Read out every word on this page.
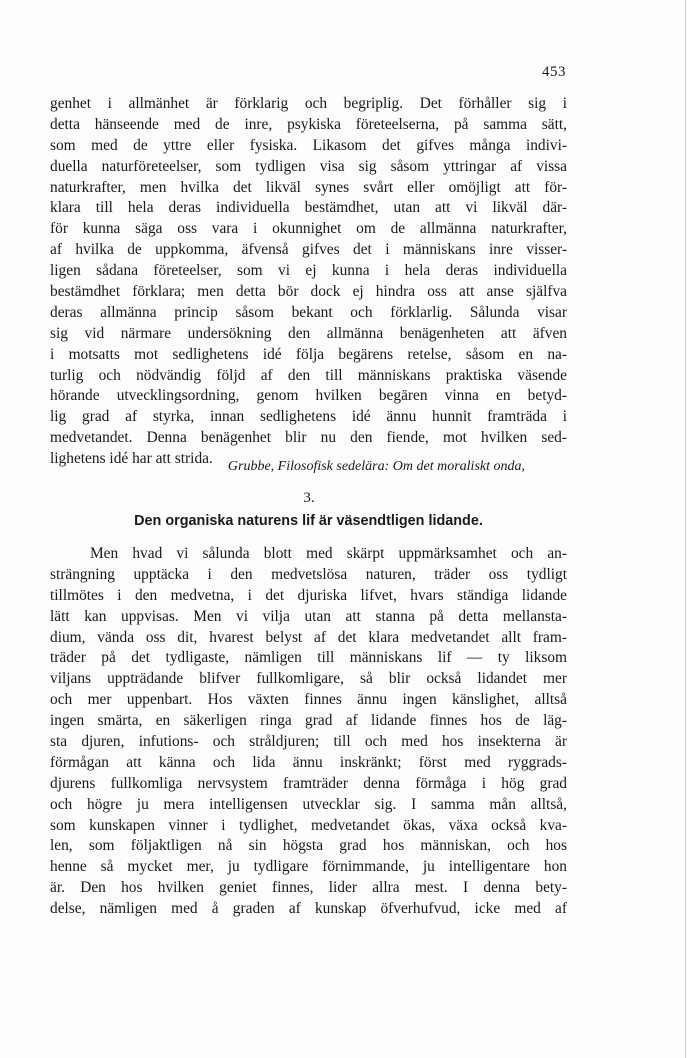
453
genhet i allmänhet är förklarig och begriplig. Det förhåller sig i
detta hänseende med de inre, psykiska företeelserna, på samma sätt,
som med de yttre eller fysiska. Likasom det gifves många indivi-
duella naturföreteelser, som tydligen visa sig såsom yttringar af vissa
naturkrafter, men hvilka det likväl synes svårt eller omöjligt att för-
klara till hela deras individuella bestämdhet, utan att vi likväl där-
för kunna säga oss vara i okunnighet om de allmänna naturkrafter,
af hvilka de uppkomma, äfvenså gifves det i människans inre visser-
ligen sådana företeelser, som vi ej kunna i hela deras individuella
bestämdhet förklara; men detta bör dock ej hindra oss att anse själfva
deras allmänna princip såsom bekant och förklarlig. Sålunda visar
sig vid närmare undersökning den allmänna benägenheten att äfven
i motsatts mot sedlighetens idé följa begärens retelse, såsom en na-
turlig och nödvändig följd af den till människans praktiska väsende
hörande utvecklingsordning, genom hvilken begären vinna en betyd-
lig grad af styrka, innan sedlighetens idé ännu hunnit framträda i
medvetandet. Denna benägenhet blir nu den fiende, mot hvilken sed-
lighetens idé har att strida.	Grubbe, Filosofisk sedelära: Om det moraliskt onda,
3.
Den organiska naturens lif är väsendtligen lidande.
Men hvad vi sålunda blott med skärpt uppmärksamhet och an-
strängning upptäcka i den medvetslösa naturen, träder oss tydligt
tillmötes i den medvetna, i det djuriska lifvet, hvars ständiga lidande
lätt kan uppvisas. Men vi vilja utan att stanna på detta mellansta-
dium, vända oss dit, hvarest belyst af det klara medvetandet allt fram-
träder på det tydligaste, nämligen till människans lif — ty liksom
viljans uppträdande blifver fullkomligare, så blir också lidandet mer
och mer uppenbart. Hos växten finnes ännu ingen känslighet, alltså
ingen smärta, en säkerligen ringa grad af lidande finnes hos de läg-
sta djuren, infutions- och stråldjuren; till och med hos insekterna är
förmågan att känna och lida ännu inskränkt; först med ryggrads-
djurens fullkomliga nervsystem framträder denna förmåga i hög grad
och högre ju mera intelligensen utvecklar sig. I samma mån alltså,
som kunskapen vinner i tydlighet, medvetandet ökas, växa också kva-
len, som följaktligen nå sin högsta grad hos människan, och hos
henne så mycket mer, ju tydligare förnimmande, ju intelligentare hon
är. Den hos hvilken geniet finnes, lider allra mest. I denna bety-
delse, nämligen med å graden af kunskap öfverhufvud, icke med af
